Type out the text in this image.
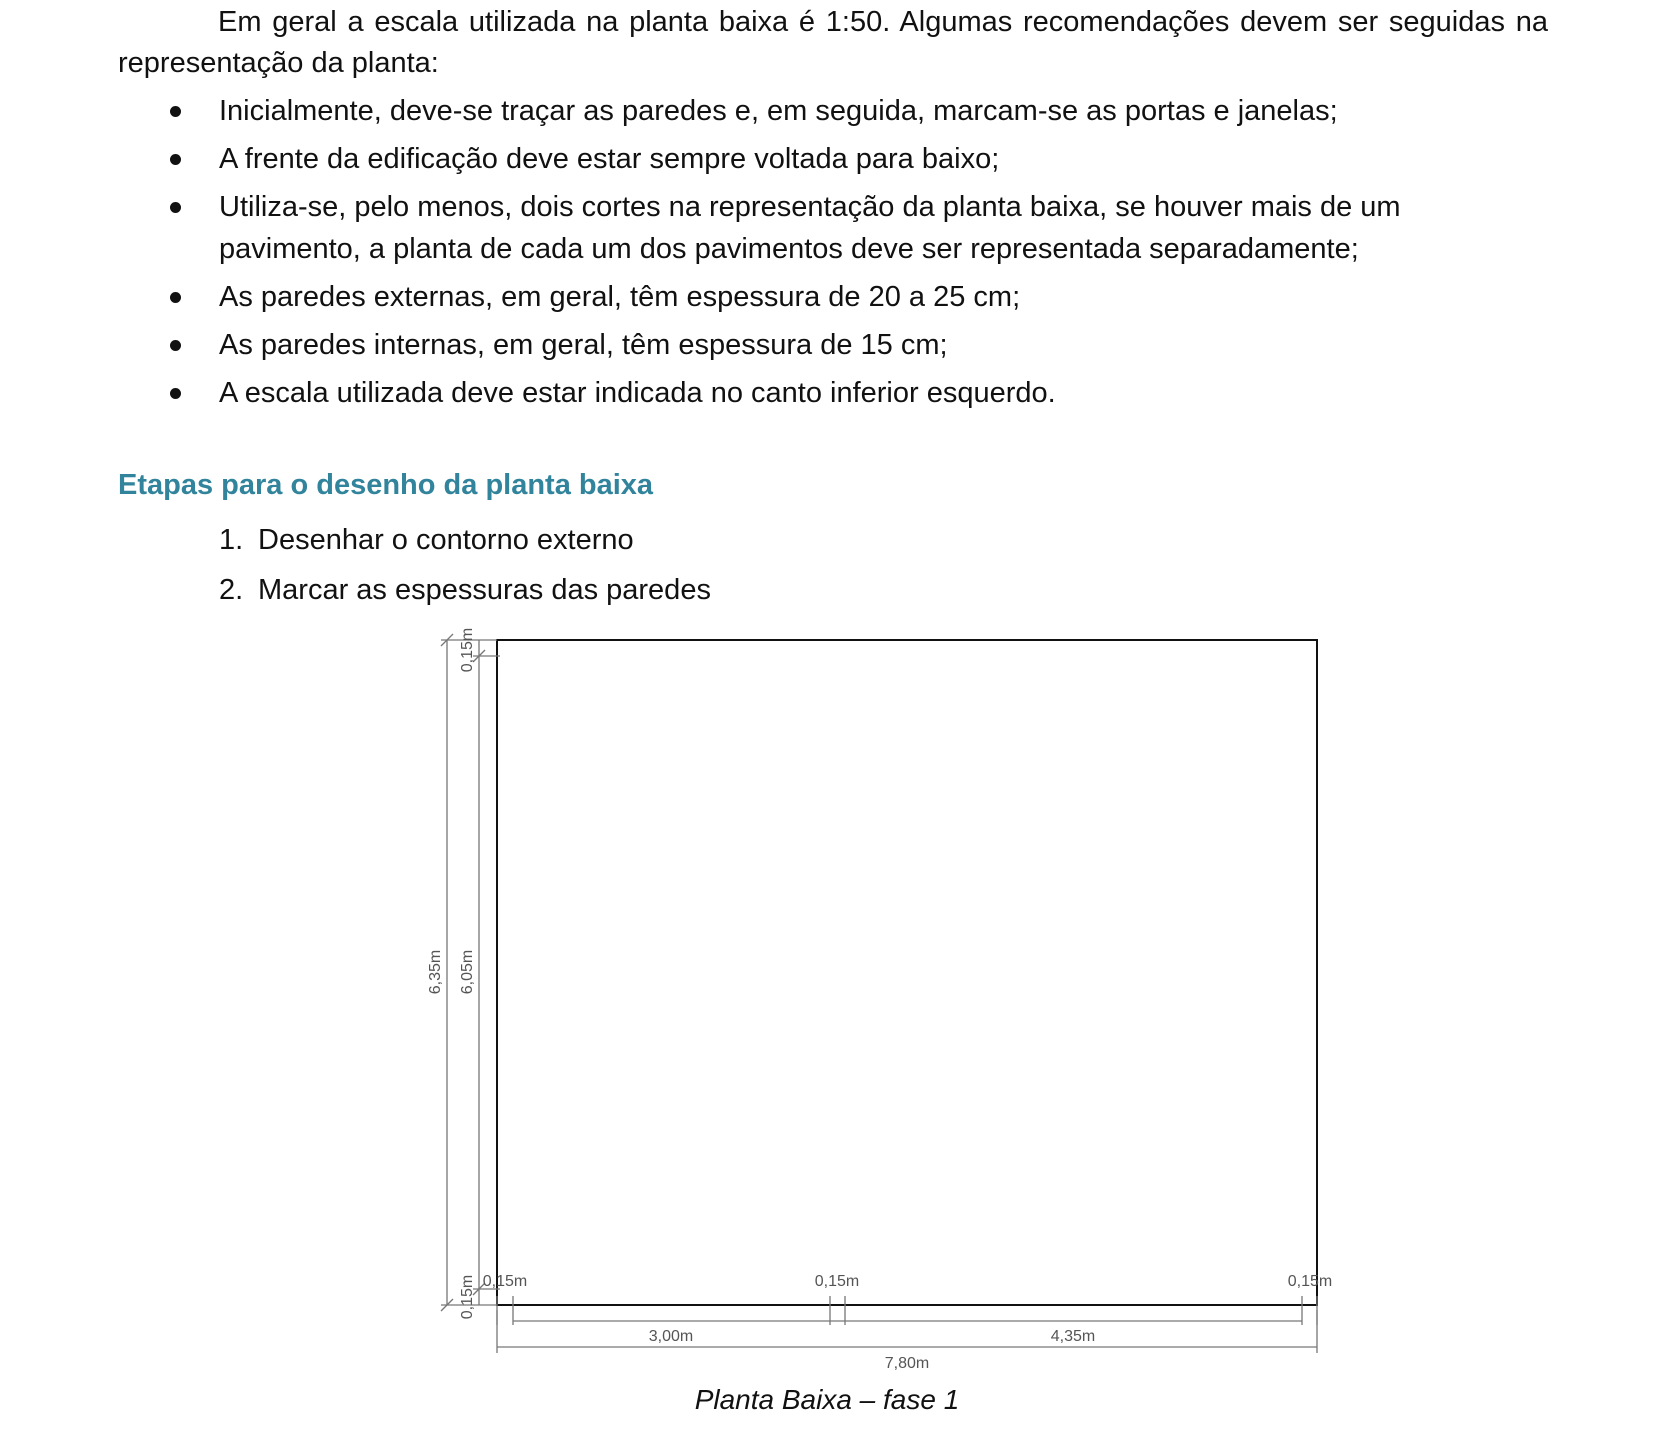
Em geral a escala utilizada na planta baixa é 1:50. Algumas recomendações devem ser seguidas na representação da planta:

Inicialmente, deve-se traçar as paredes e, em seguida, marcam-se as portas e janelas;
A frente da edificação deve estar sempre voltada para baixo;
Utiliza-se, pelo menos, dois cortes na representação da planta baixa, se houver mais de um pavimento, a planta de cada um dos pavimentos deve ser representada separadamente;
As paredes externas, em geral, têm espessura de 20 a 25 cm;
As paredes internas, em geral, têm espessura de 15 cm;
A escala utilizada deve estar indicada no canto inferior esquerdo.
Etapas para o desenho da planta baixa
1. Desenhar o contorno externo
2. Marcar as espessuras das paredes
6,35m 6,05m
0,15m
0,15m 0,15m	0,15m	0,15m
3,00m	4,35m
7,80m
Planta Baixa – fase 1
